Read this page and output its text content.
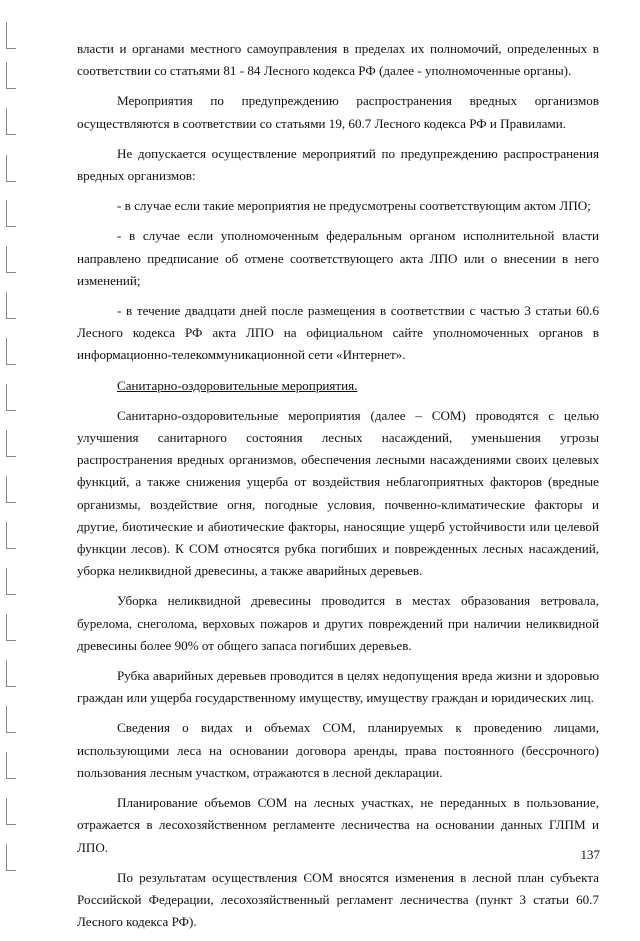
власти и органами местного самоуправления в пределах их полномочий, определенных в соответствии со статьями 81 - 84 Лесного кодекса РФ (далее - уполномоченные органы).

Мероприятия по предупреждению распространения вредных организмов осуществляются в соответствии со статьями 19, 60.7 Лесного кодекса РФ и Правилами.

Не допускается осуществление мероприятий по предупреждению распространения вредных организмов:

- в случае если такие мероприятия не предусмотрены соответствующим актом ЛПО;

- в случае если уполномоченным федеральным органом исполнительной власти направлено предписание об отмене соответствующего акта ЛПО или о внесении в него изменений;

- в течение двадцати дней после размещения в соответствии с частью 3 статьи 60.6 Лесного кодекса РФ акта ЛПО на официальном сайте уполномоченных органов в информационно-телекоммуникационной сети «Интернет».

Санитарно-оздоровительные мероприятия.

Санитарно-оздоровительные мероприятия (далее – СОМ) проводятся с целью улучшения санитарного состояния лесных насаждений, уменьшения угрозы распространения вредных организмов, обеспечения лесными насаждениями своих целевых функций, а также снижения ущерба от воздействия неблагоприятных факторов (вредные организмы, воздействие огня, погодные условия, почвенно-климатические факторы и другие, биотические и абиотические факторы, наносящие ущерб устойчивости или целевой функции лесов). К СОМ относятся рубка погибших и поврежденных лесных насаждений, уборка неликвидной древесины, а также аварийных деревьев.

Уборка неликвидной древесины проводится в местах образования ветровала, бурелома, снеголома, верховых пожаров и других повреждений при наличии неликвидной древесины более 90% от общего запаса погибших деревьев.

Рубка аварийных деревьев проводится в целях недопущения вреда жизни и здоровью граждан или ущерба государственному имуществу, имуществу граждан и юридических лиц.

Сведения о видах и объемах СОМ, планируемых к проведению лицами, использующими леса на основании договора аренды, права постоянного (бессрочного) пользования лесным участком, отражаются в лесной декларации.

Планирование объемов СОМ на лесных участках, не переданных в пользование, отражается в лесохозяйственном регламенте лесничества на основании данных ГЛПМ и ЛПО.

По результатам осуществления СОМ вносятся изменения в лесной план субъекта Российской Федерации, лесохозяйственный регламент лесничества (пункт 3 статьи 60.7 Лесного кодекса РФ).

137
